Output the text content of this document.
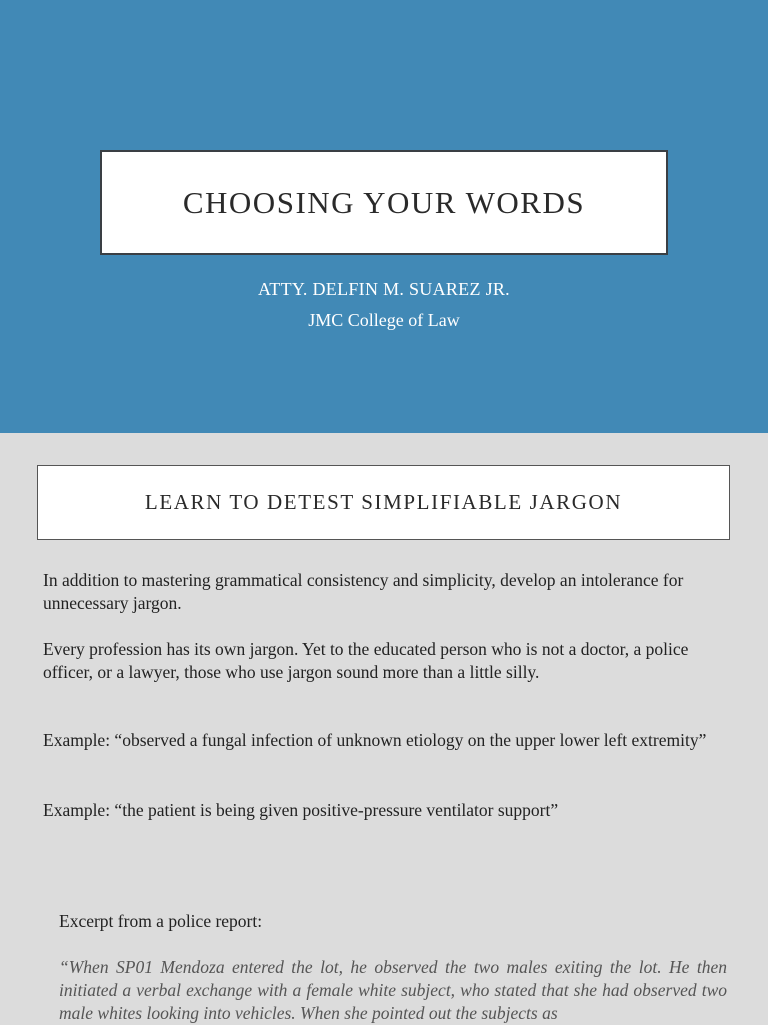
CHOOSING YOUR WORDS
ATTY. DELFIN M. SUAREZ JR.
JMC College of Law
LEARN TO DETEST SIMPLIFIABLE JARGON

In addition to mastering grammatical consistency and simplicity, develop an intolerance for unnecessary jargon.

Every profession has its own jargon. Yet to the educated person who is not a doctor, a police officer, or a lawyer, those who use jargon sound more than a little silly.

Example: “observed a fungal infection of unknown etiology on the upper lower left extremity”

Example: “the patient is being given positive-pressure ventilator support”

Excerpt from a police report:

“When SP01 Mendoza entered the lot, he observed the two males exiting the lot. He then initiated a verbal exchange with a female white subject, who stated that she had observed two male whites looking into vehicles. When she pointed out the subjects as
